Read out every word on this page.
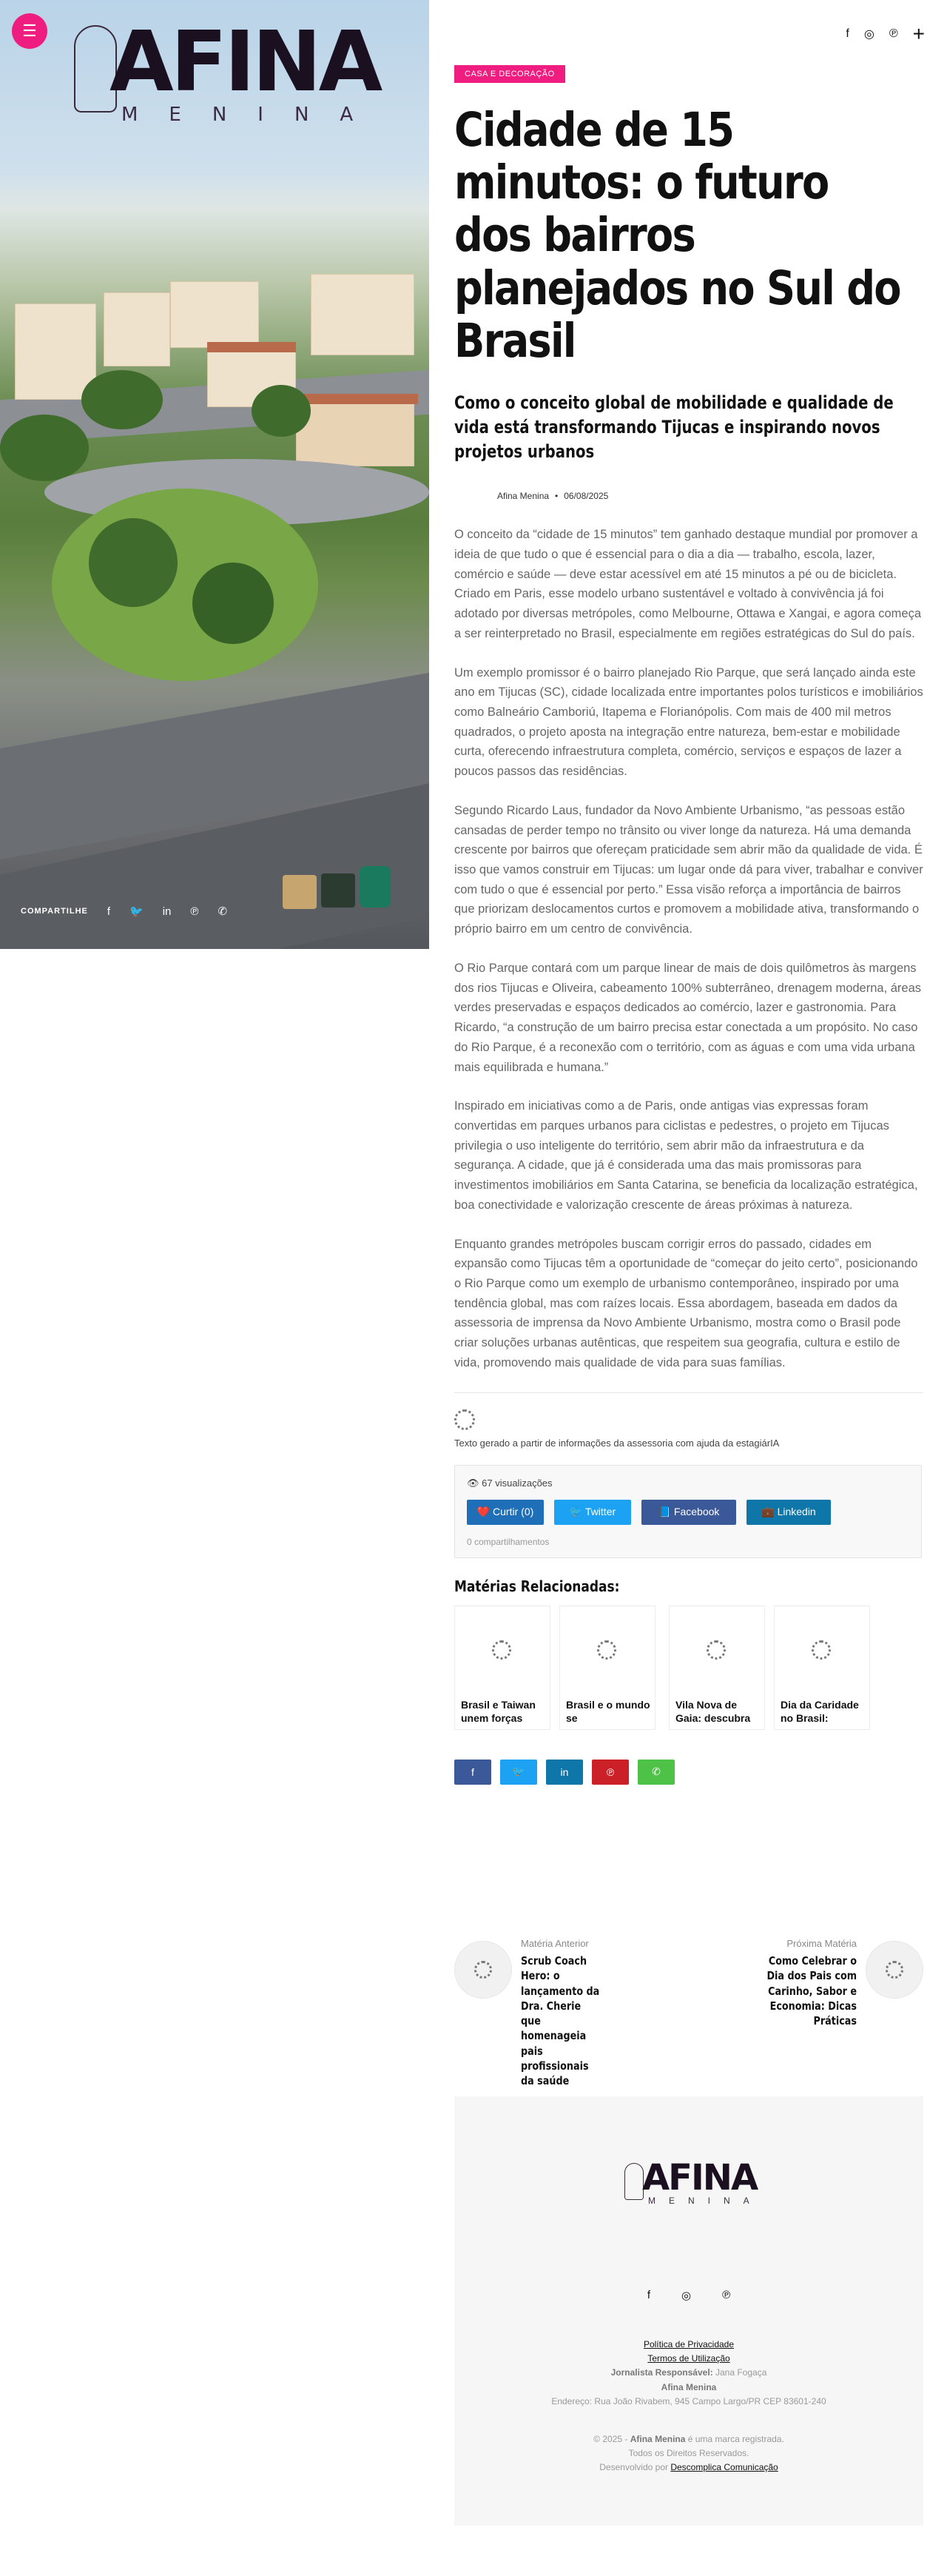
☰ AFINA
MENINA
COMPARTILHE f 🐦 in ℗ ✆
f ◎ ℗ +
CASA E DECORAÇÃO
Cidade de 15 minutos: o futuro dos bairros planejados no Sul do Brasil
Como o conceito global de mobilidade e qualidade de vida está transformando Tijucas e inspirando novos projetos urbanos
Afina Menina • 06/08/2025

O conceito da “cidade de 15 minutos” tem ganhado destaque mundial por promover a ideia de que tudo o que é essencial para o dia a dia — trabalho, escola, lazer, comércio e saúde — deve estar acessível em até 15 minutos a pé ou de bicicleta. Criado em Paris, esse modelo urbano sustentável e voltado à convivência já foi adotado por diversas metrópoles, como Melbourne, Ottawa e Xangai, e agora começa a ser reinterpretado no Brasil, especialmente em regiões estratégicas do Sul do país.

Um exemplo promissor é o bairro planejado Rio Parque, que será lançado ainda este ano em Tijucas (SC), cidade localizada entre importantes polos turísticos e imobiliários como Balneário Camboriú, Itapema e Florianópolis. Com mais de 400 mil metros quadrados, o projeto aposta na integração entre natureza, bem-estar e mobilidade curta, oferecendo infraestrutura completa, comércio, serviços e espaços de lazer a poucos passos das residências.

Segundo Ricardo Laus, fundador da Novo Ambiente Urbanismo, “as pessoas estão cansadas de perder tempo no trânsito ou viver longe da natureza. Há uma demanda crescente por bairros que ofereçam praticidade sem abrir mão da qualidade de vida. É isso que vamos construir em Tijucas: um lugar onde dá para viver, trabalhar e conviver com tudo o que é essencial por perto.” Essa visão reforça a importância de bairros que priorizam deslocamentos curtos e promovem a mobilidade ativa, transformando o próprio bairro em um centro de convivência.

O Rio Parque contará com um parque linear de mais de dois quilômetros às margens dos rios Tijucas e Oliveira, cabeamento 100% subterrâneo, drenagem moderna, áreas verdes preservadas e espaços dedicados ao comércio, lazer e gastronomia. Para Ricardo, “a construção de um bairro precisa estar conectada a um propósito. No caso do Rio Parque, é a reconexão com o território, com as águas e com uma vida urbana mais equilibrada e humana.”

Inspirado em iniciativas como a de Paris, onde antigas vias expressas foram convertidas em parques urbanos para ciclistas e pedestres, o projeto em Tijucas privilegia o uso inteligente do território, sem abrir mão da infraestrutura e da segurança. A cidade, que já é considerada uma das mais promissoras para investimentos imobiliários em Santa Catarina, se beneficia da localização estratégica, boa conectividade e valorização crescente de áreas próximas à natureza.

Enquanto grandes metrópoles buscam corrigir erros do passado, cidades em expansão como Tijucas têm a oportunidade de “começar do jeito certo”, posicionando o Rio Parque como um exemplo de urbanismo contemporâneo, inspirado por uma tendência global, mas com raízes locais. Essa abordagem, baseada em dados da assessoria de imprensa da Novo Ambiente Urbanismo, mostra como o Brasil pode criar soluções urbanas autênticas, que respeitem sua geografia, cultura e estilo de vida, promovendo mais qualidade de vida para suas famílias.

Texto gerado a partir de informações da assessoria com ajuda da estagiárIA
👁 67 visualizações
❤️ Curtir (0)	🐦 Twitter	📘 Facebook	💼 Linkedin
0 compartilhamentos
Matérias Relacionadas:
Brasil e Taiwan unem forças
Brasil e o mundo se
Vila Nova de Gaia: descubra
Dia da Caridade no Brasil:
f	🐦	in	℗	✆
Matéria Anterior
Scrub Coach Hero: o lançamento da Dra. Cherie que homenageia pais profissionais da saúde
Próxima Matéria
Como Celebrar o Dia dos Pais com Carinho, Sabor e Economia: Dicas Práticas
AFINA
MENINA
f	◎	℗
Política de Privacidade
Termos de Utilização
Jornalista Responsável: Jana Fogaça
Afina Menina
Endereço: Rua João Rivabem, 945 Campo Largo/PR CEP 83601-240
© 2025 - Afina Menina é uma marca registrada.
Todos os Direitos Reservados.
Desenvolvido por Descomplica Comunicação
